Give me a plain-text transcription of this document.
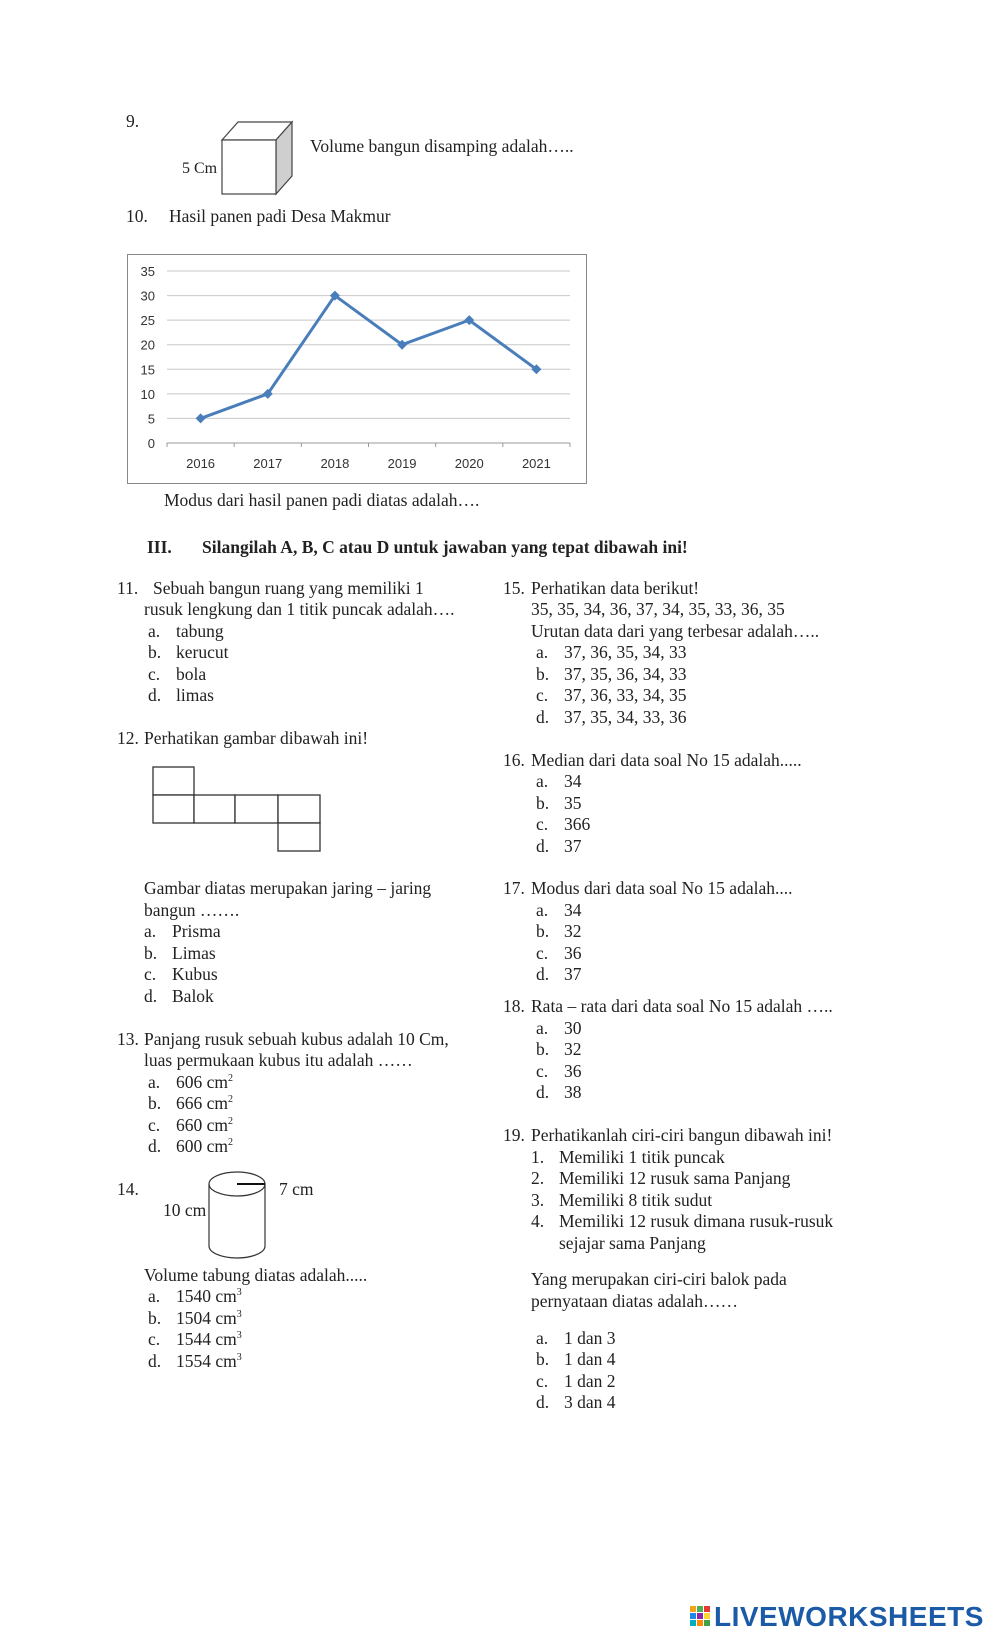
9.
5 Cm
Volume bangun disamping adalah…..
10. Hasil panen padi Desa Makmur
0
5
10
15
20
25
30
35
2016	2017	2018	2019	2020	2021
Modus dari hasil panen padi diatas adalah….
III. Silangilah A, B, C atau D untuk jawaban yang tepat dibawah ini!
11. Sebuah bangun ruang yang memiliki 1
rusuk lengkung dan 1 titik puncak adalah….
a. tabung
b. kerucut
c. bola
d. limas
12. Perhatikan gambar dibawah ini!
Gambar diatas merupakan jaring – jaring
bangun …….
a. Prisma
b. Limas
c. Kubus
d. Balok
13. Panjang rusuk sebuah kubus adalah 10 Cm,
luas permukaan kubus itu adalah ……
a. 606 $cm^2$
b. 666 $cm^2$
c. 660 $cm^2$
d. 600 $cm^2$
14.	7 cm
10 cm
Volume tabung diatas adalah.....
a. 1540 $cm^3$
b. 1504 $cm^3$
c. 1544 $cm^3$
d. 1554 $cm^3$
15. Perhatikan data berikut!
35, 35, 34, 36, 37, 34, 35, 33, 36, 35
Urutan data dari yang terbesar adalah…..
a. 37, 36, 35, 34, 33
b. 37, 35, 36, 34, 33
c. 37, 36, 33, 34, 35
d. 37, 35, 34, 33, 36
16. Median dari data soal No 15 adalah.....
a. 34
b. 35
c. 366
d. 37
17. Modus dari data soal No 15 adalah....
a. 34
b. 32
c. 36
d. 37
18. Rata – rata dari data soal No 15 adalah …..
a. 30
b. 32
c. 36
d. 38
19. Perhatikanlah ciri-ciri bangun dibawah ini!
1. Memiliki 1 titik puncak
2. Memiliki 12 rusuk sama Panjang
3. Memiliki 8 titik sudut
4. Memiliki 12 rusuk dimana rusuk-rusuk
sejajar sama Panjang
Yang merupakan ciri-ciri balok pada
pernyataan diatas adalah……
a. 1 dan 3
b. 1 dan 4
c. 1 dan 2
d. 3 dan 4
LIVEWORKSHEETS
